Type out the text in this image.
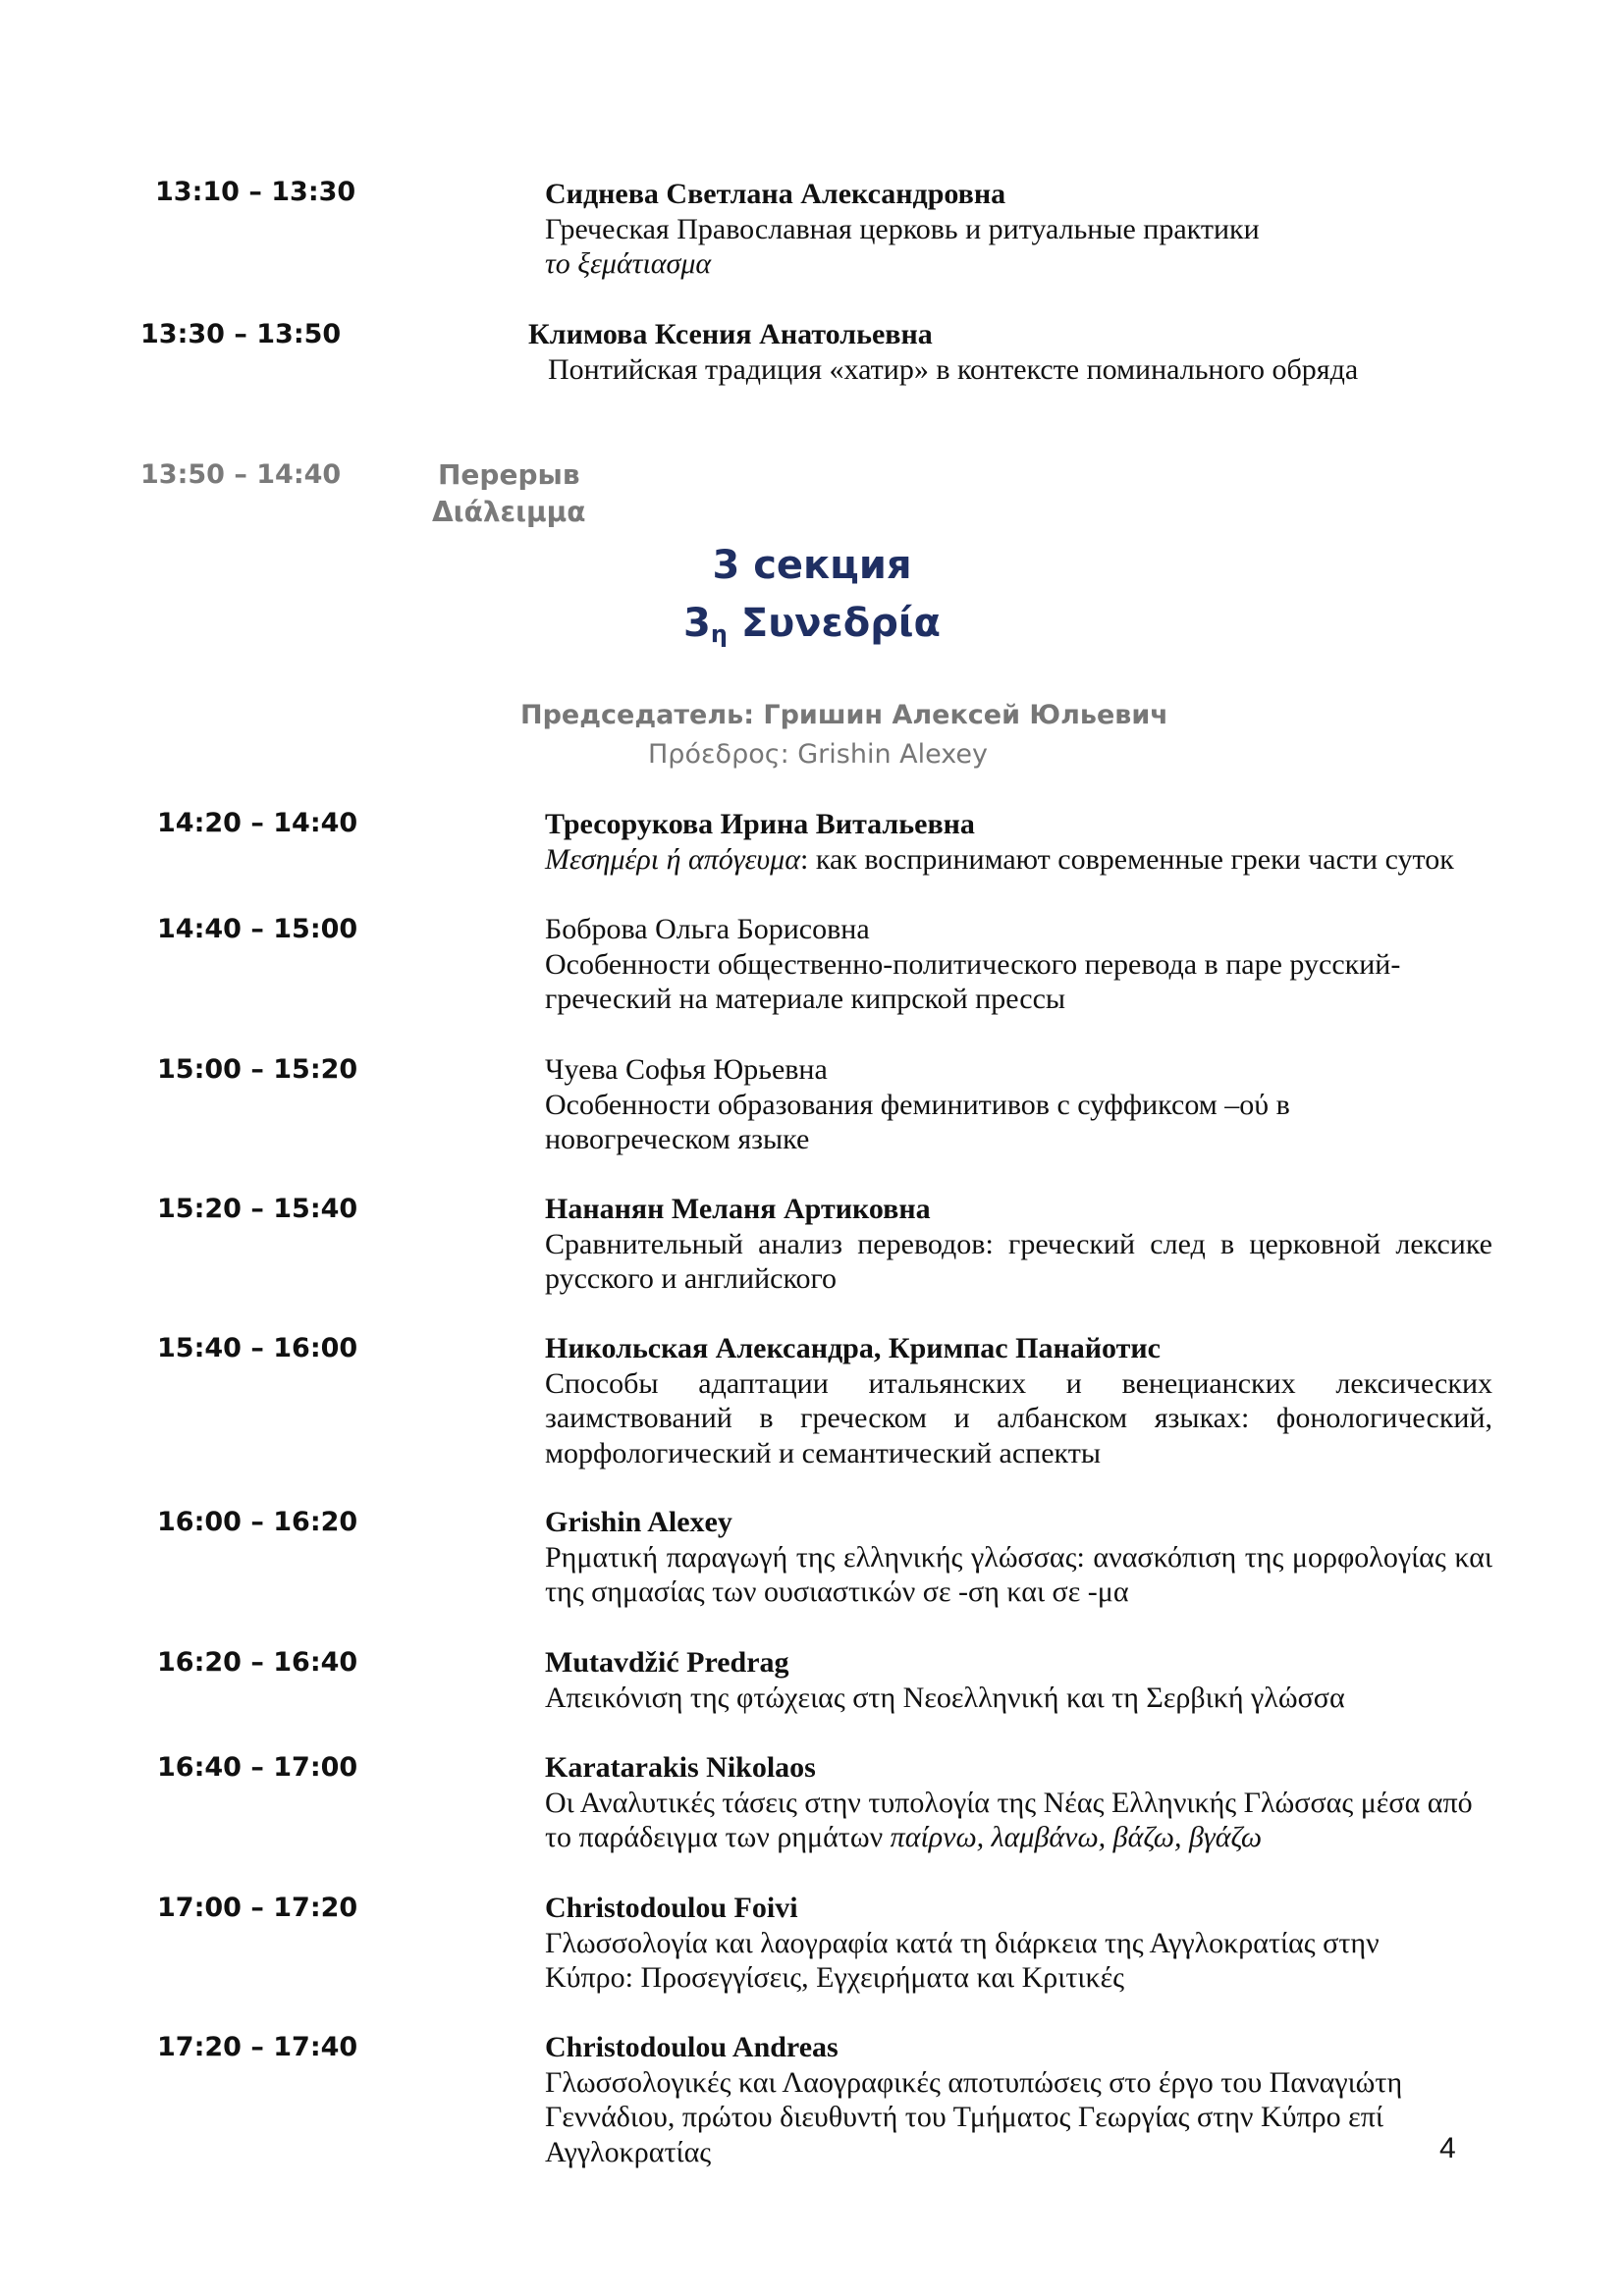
13:10 – 13:30	Сиднева Светлана Александровна
Греческая Православная церковь и ритуальные практики
το ξεμάτιασμα
13:30 – 13:50	Климова Ксения Анатольевна
Понтийская традиция «хатир» в контексте поминального обряда
13:50 – 14:40	Перерыв
Διάλειμμα
3 секция
$3_\eta$ Συνεδρία
Председатель: Гришин Алексей Юльевич
Πρόεδρος: Grishin Alexey
14:20 – 14:40	Тресорукова Ирина Витальевна
Μεσημέρι ή απόγευμα: как воспринимают современные греки части суток
14:40 – 15:00	Боброва Ольга Борисовна
Особенности общественно-политического перевода в паре русский-греческий на материале кипрской прессы
15:00 – 15:20	Чуева Софья Юрьевна
Особенности образования феминитивов с суффиксом –ού в новогреческом языке
15:20 – 15:40	Нананян Меланя Артиковна
Сравнительный анализ переводов: греческий след в церковной лексике русского и английского
15:40 – 16:00	Никольская Александра, Кримпас Панайотис
Способы адаптации итальянских и венецианских лексических заимствований в греческом и албанском языках: фонологический, морфологический и семантический аспекты
16:00 – 16:20	Grishin Alexey
Ρηματική παραγωγή της ελληνικής γλώσσας: ανασκόπιση της μορφολογίας και της σημασίας των ουσιαστικών σε -ση και σε -μα
16:20 – 16:40	Mutavdžić Predrag
Απεικόνιση της φτώχειας στη Νεοελληνική και τη Σερβική γλώσσα
16:40 – 17:00	Karatarakis Nikolaos
Οι Αναλυτικές τάσεις στην τυπολογία της Νέας Ελληνικής Γλώσσας μέσα από το παράδειγμα των ρημάτων παίρνω, λαμβάνω, βάζω, βγάζω
17:00 – 17:20	Christodoulou Foivi
Γλωσσολογία και λαογραφία κατά τη διάρκεια της Αγγλοκρατίας στην Κύπρο: Προσεγγίσεις, Εγχειρήματα και Κριτικές
17:20 – 17:40	Christodoulou Andreas
Γλωσσολογικές και Λαογραφικές αποτυπώσεις στο έργο του Παναγιώτη Γεννάδιου, πρώτου διευθυντή του Τμήματος Γεωργίας στην Κύπρο επί Αγγλοκρατίας	4
